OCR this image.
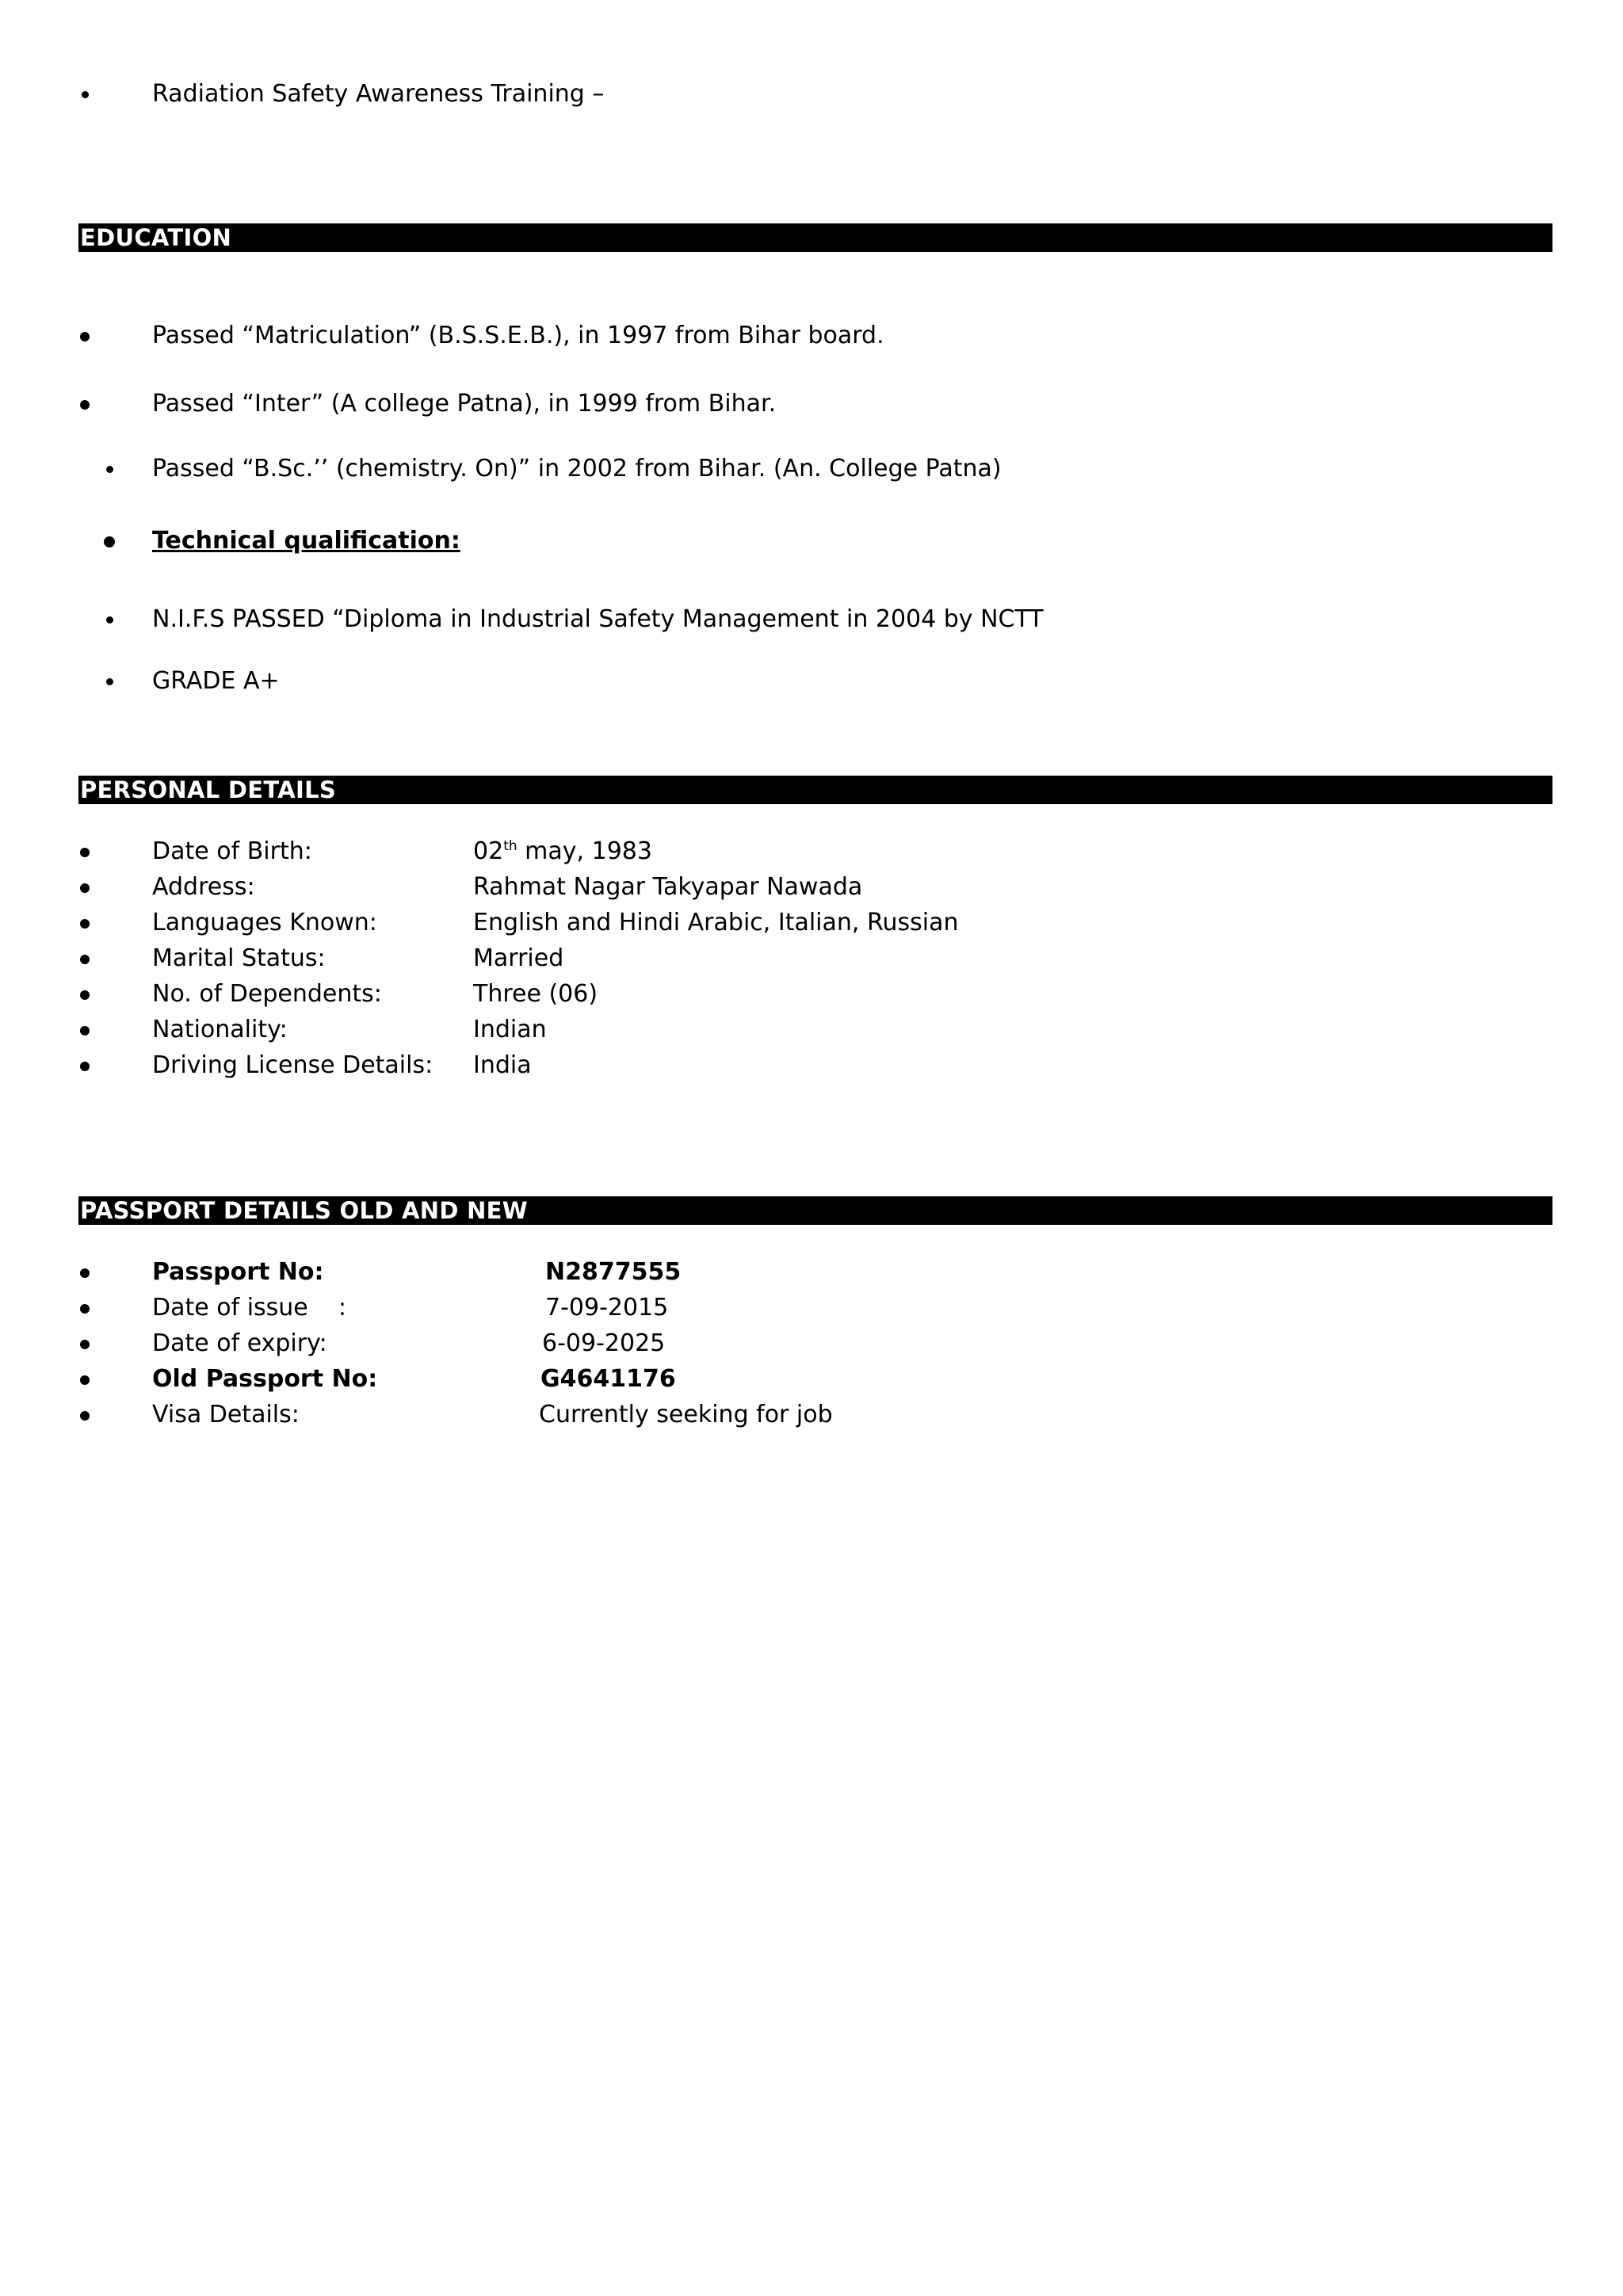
Radiation Safety Awareness Training –
EDUCATION
Passed “Matriculation” (B.S.S.E.B.), in 1997 from Bihar board.
Passed “Inter” (A college Patna), in 1999 from Bihar.
Passed “B.Sc.’’ (chemistry. On)” in 2002 from Bihar. (An. College Patna)
Technical qualification:
N.I.F.S PASSED “Diploma in Industrial Safety Management in 2004 by NCTT
GRADE A+
PERSONAL DETAILS
Date of Birth:	02th may, 1983
Address:	Rahmat Nagar Takyapar Nawada
Languages Known:	English and Hindi Arabic, Italian, Russian
Marital Status:	Married
No. of Dependents:	Three (06)
Nationality:	Indian
Driving License Details: India
PASSPORT DETAILS OLD AND NEW
Passport No:	N2877555
Date of issue    :	7-09-2015
Date of expiry:	6-09-2025
Old Passport No:	G4641176
Visa Details:	Currently seeking for job
